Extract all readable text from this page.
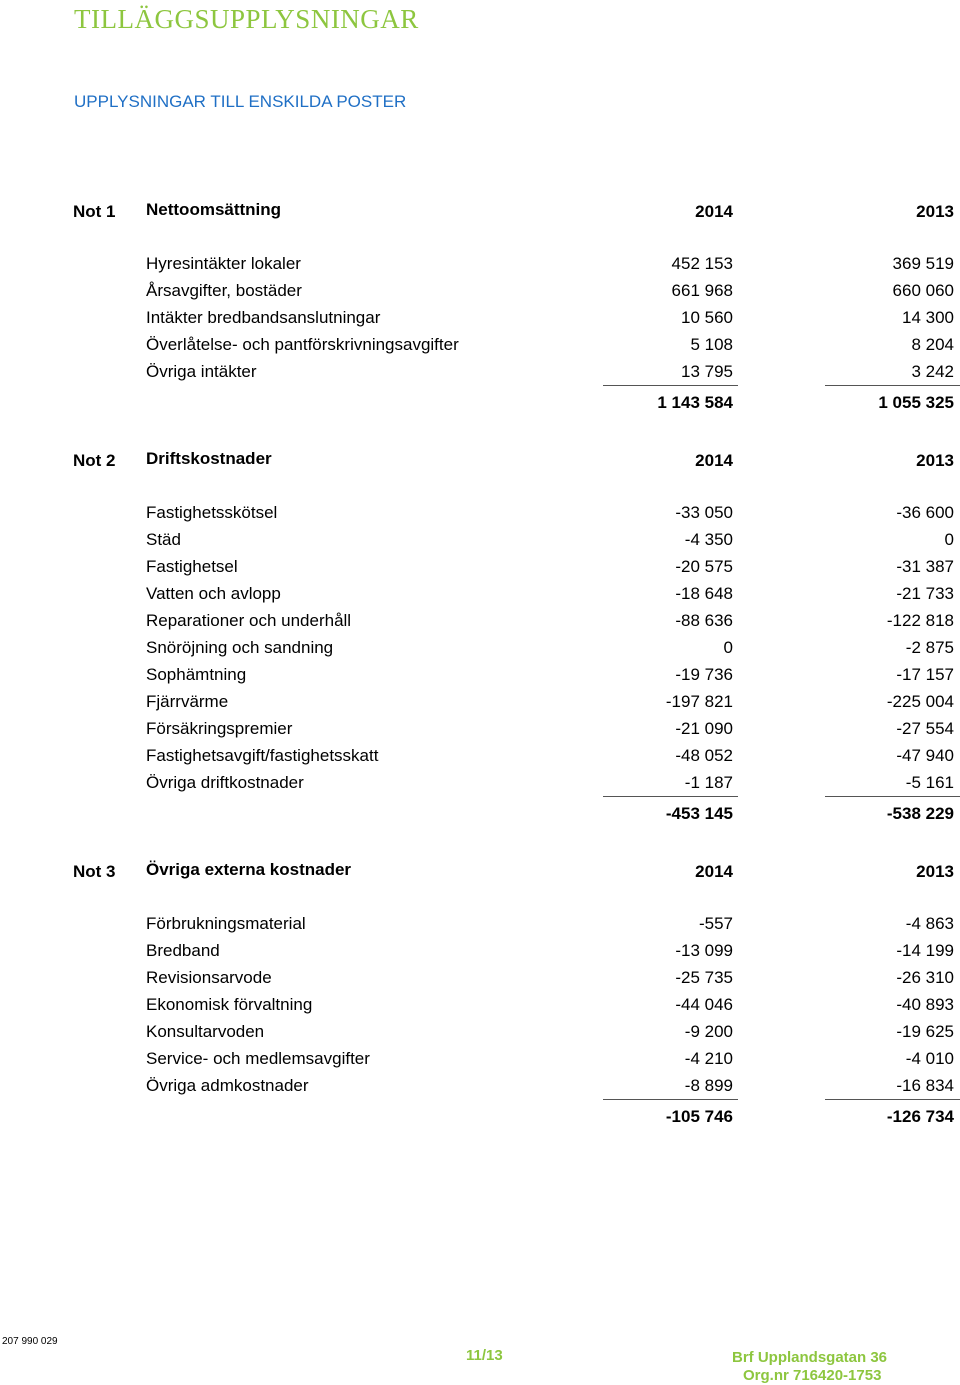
TILLÄGGSUPPLYSNINGAR
UPPLYSNINGAR TILL ENSKILDA POSTER
Not 1 Nettoomsättning	2014	2013
Hyresintäkter lokaler	452 153	369 519
Årsavgifter, bostäder	661 968	660 060
Intäkter bredbandsanslutningar	10 560	14 300
Överlåtelse- och pantförskrivningsavgifter	5 108	8 204
Övriga intäkter	13 795	3 242
1 143 584	1 055 325
Not 2 Driftskostnader	2014	2013
Fastighetsskötsel	-33 050	-36 600
Städ	-4 350	0
Fastighetsel	-20 575	-31 387
Vatten och avlopp	-18 648	-21 733
Reparationer och underhåll	-88 636	-122 818
Snöröjning och sandning	0	-2 875
Sophämtning	-19 736	-17 157
Fjärrvärme	-197 821	-225 004
Försäkringspremier	-21 090	-27 554
Fastighetsavgift/fastighetsskatt	-48 052	-47 940
Övriga driftkostnader	-1 187	-5 161
-453 145	-538 229
Not 3 Övriga externa kostnader	2014	2013
Förbrukningsmaterial	-557	-4 863
Bredband	-13 099	-14 199
Revisionsarvode	-25 735	-26 310
Ekonomisk förvaltning	-44 046	-40 893
Konsultarvoden	-9 200	-19 625
Service- och medlemsavgifter	-4 210	-4 010
Övriga admkostnader	-8 899	-16 834
-105 746	-126 734
207 990 029
11/13	Brf Upplandsgatan 36
Org.nr 716420-1753
